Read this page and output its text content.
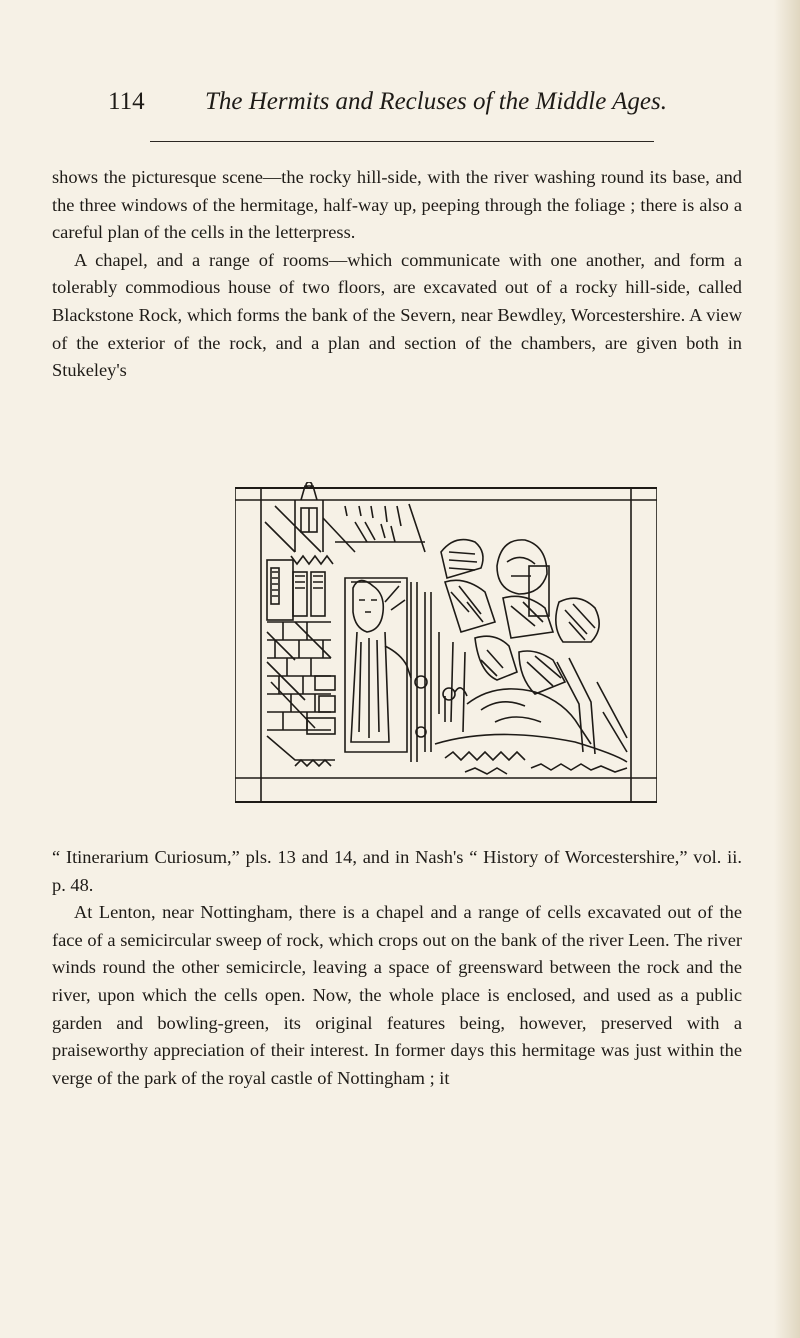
114 The Hermits and Recluses of the Middle Ages.

shows the picturesque scene—the rocky hill-side, with the river washing round its base, and the three windows of the hermitage, half-way up, peeping through the foliage ; there is also a careful plan of the cells in the letterpress.

A chapel, and a range of rooms—which communicate with one another, and form a tolerably commodious house of two floors, are excavated out of a rocky hill-side, called Blackstone Rock, which forms the bank of the Severn, near Bewdley, Worcestershire. A view of the exterior of the rock, and a plan and section of the chambers, are given both in Stukeley's

“ Itinerarium Curiosum,” pls. 13 and 14, and in Nash's “ History of Worcestershire,” vol. ii. p. 48.

At Lenton, near Nottingham, there is a chapel and a range of cells excavated out of the face of a semicircular sweep of rock, which crops out on the bank of the river Leen. The river winds round the other semicircle, leaving a space of greensward between the rock and the river, upon which the cells open. Now, the whole place is enclosed, and used as a public garden and bowling-green, its original features being, however, preserved with a praiseworthy appreciation of their interest. In former days this hermitage was just within the verge of the park of the royal castle of Nottingham ; it
